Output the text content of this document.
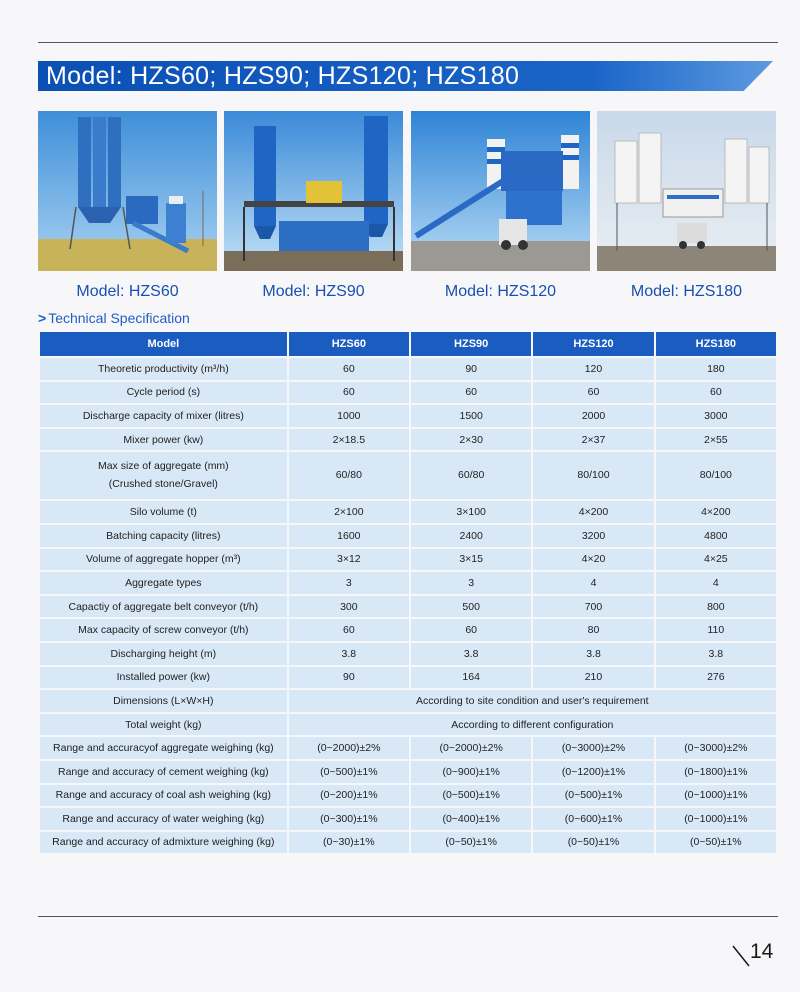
Model: HZS60; HZS90; HZS120; HZS180
Model: HZS60	Model: HZS90	Model: HZS120	Model: HZS180
> Technical Specification
Model	HZS60	HZS90	HZS120	HZS180
Theoretic productivity (m³/h)	60	90	120	180
Cycle period (s)	60	60	60	60
Discharge capacity of mixer (litres)	1000	1500	2000	3000
Mixer power (kw)	2×18.5	2×30	2×37	2×55

Max size of aggregate (mm)
(Crushed stone/Gravel)	60/80	60/80	80/100	80/100
Silo volume (t)	2×100	3×100	4×200	4×200
Batching capacity (litres)	1600	2400	3200	4800
Volume of aggregate hopper (m³)	3×12	3×15	4×20	4×25
Aggregate types	3	3	4	4
Capactiy of aggregate belt conveyor (t/h)	300	500	700	800
Max capacity of screw conveyor (t/h)	60	60	80	110
Discharging height (m)	3.8	3.8	3.8	3.8
Installed power (kw)	90	164	210	276
Dimensions (L×W×H)	According to site condition and user's requirement			
Total weight (kg)	According to different configuration			
Range and accuracyof aggregate weighing (kg)	(0~2000)±2%	(0~2000)±2%	(0~3000)±2%	(0~3000)±2%
Range and accuracy of cement weighing (kg)	(0~500)±1%	(0~900)±1%	(0~1200)±1%	(0~1800)±1%
Range and accuracy of coal ash weighing (kg)	(0~200)±1%	(0~500)±1%	(0~500)±1%	(0~1000)±1%
Range and accuracy of water weighing (kg)	(0~300)±1%	(0~400)±1%	(0~600)±1%	(0~1000)±1%
Range and accuracy of admixture weighing (kg)	(0~30)±1%	(0~50)±1%	(0~50)±1%	(0~50)±1%
14
